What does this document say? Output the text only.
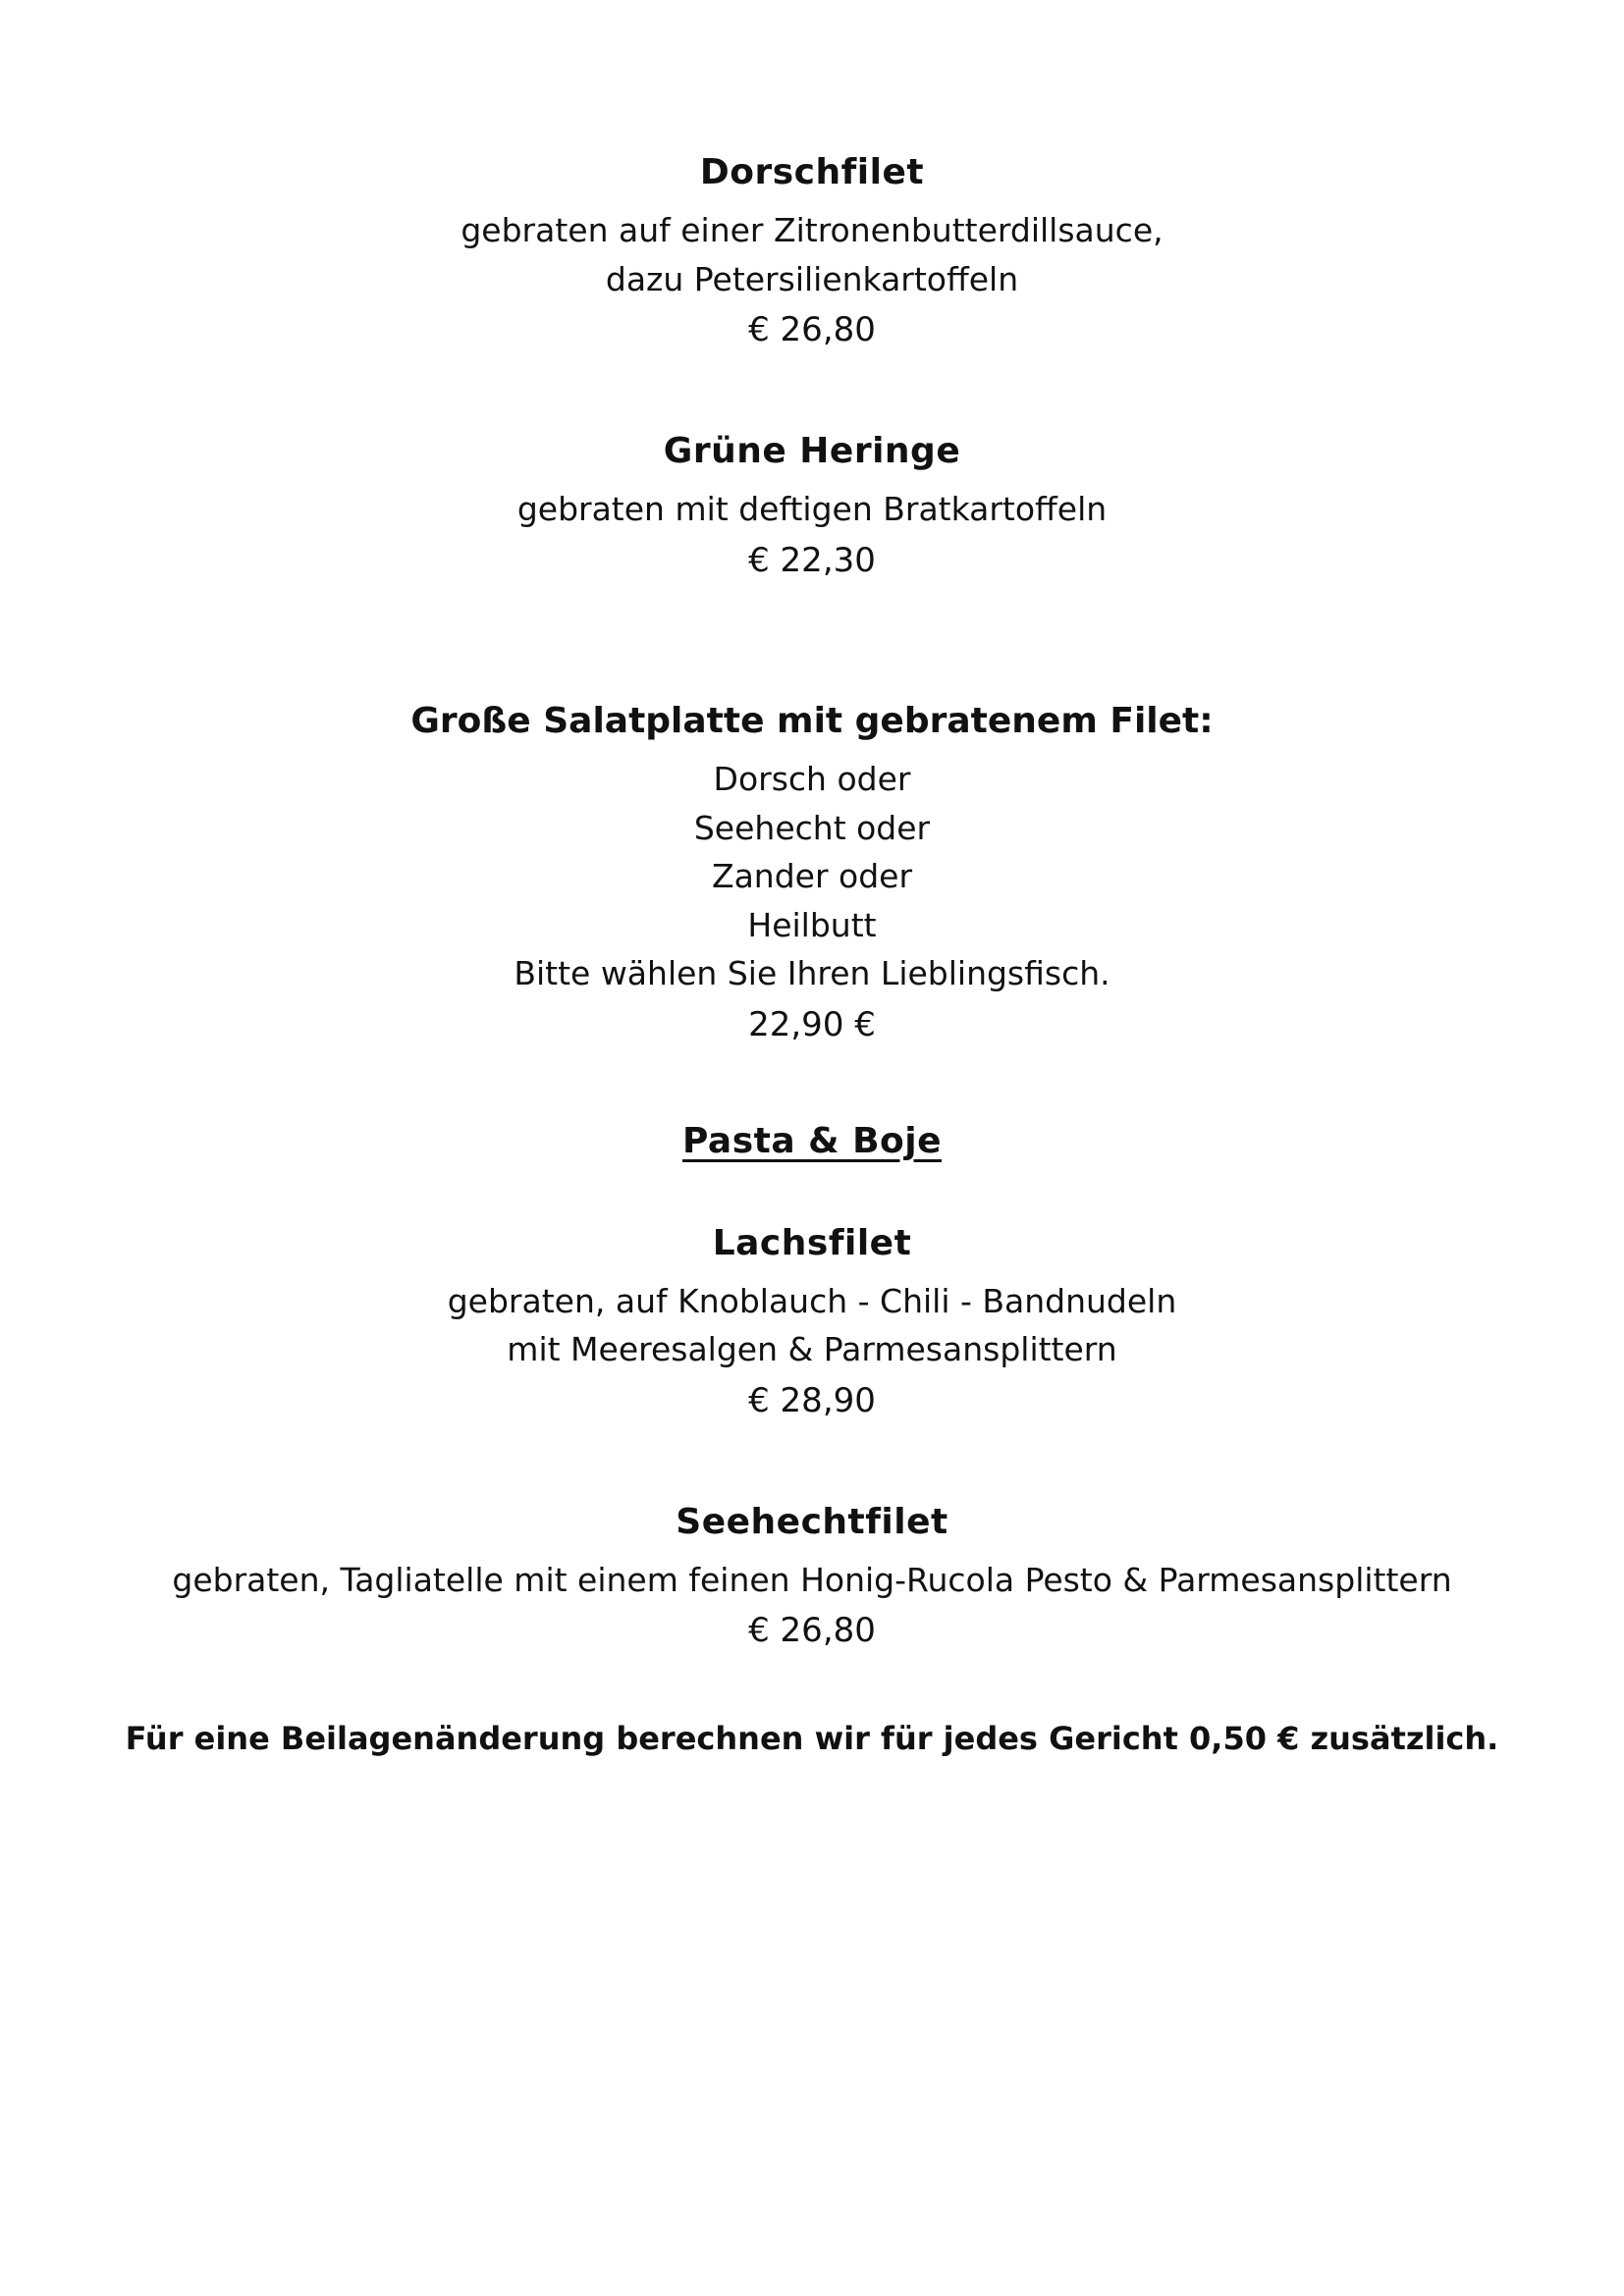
Dorschfilet

gebraten auf einer Zitronenbutterdillsauce,

dazu Petersilienkartoffeln

€ 26,80

Grüne Heringe

gebraten mit deftigen Bratkartoffeln

€ 22,30

Große Salatplatte mit gebratenem Filet:

Dorsch oder

Seehecht oder

Zander oder

Heilbutt

Bitte wählen Sie Ihren Lieblingsfisch.

22,90 €

Pasta & Boje

Lachsfilet

gebraten, auf Knoblauch - Chili - Bandnudeln

mit Meeresalgen & Parmesansplittern

€ 28,90

Seehechtfilet

gebraten, Tagliatelle mit einem feinen Honig-Rucola Pesto & Parmesansplittern

€ 26,80

Für eine Beilagenänderung berechnen wir für jedes Gericht 0,50 € zusätzlich.
